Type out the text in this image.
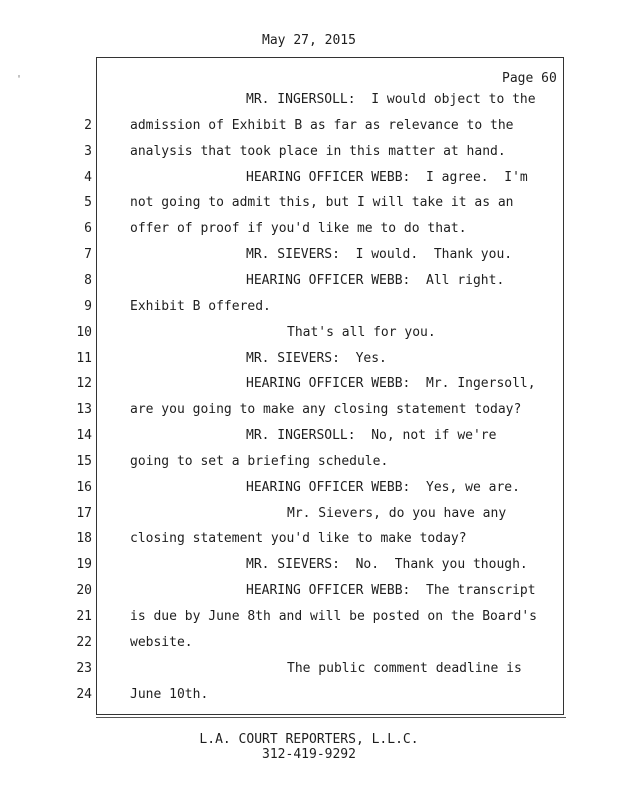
May 27, 2015
Page 60
MR. INGERSOLL:  I would object to the
2	admission of Exhibit B as far as relevance to the
3	analysis that took place in this matter at hand.
4	HEARING OFFICER WEBB:  I agree.  I'm
5	not going to admit this, but I will take it as an
6	offer of proof if you'd like me to do that.
7	MR. SIEVERS:  I would.  Thank you.
8	HEARING OFFICER WEBB:  All right.
9	Exhibit B offered.
10	That's all for you.
11	MR. SIEVERS:  Yes.
12	HEARING OFFICER WEBB:  Mr. Ingersoll,
13	are you going to make any closing statement today?
14	MR. INGERSOLL:  No, not if we're
15	going to set a briefing schedule.
16	HEARING OFFICER WEBB:  Yes, we are.
17	Mr. Sievers, do you have any
18	closing statement you'd like to make today?
19	MR. SIEVERS:  No.  Thank you though.
20	HEARING OFFICER WEBB:  The transcript
21	is due by June 8th and will be posted on the Board's
22	website.
23	The public comment deadline is
24	June 10th.
L.A. COURT REPORTERS, L.L.C.
312-419-9292
'
